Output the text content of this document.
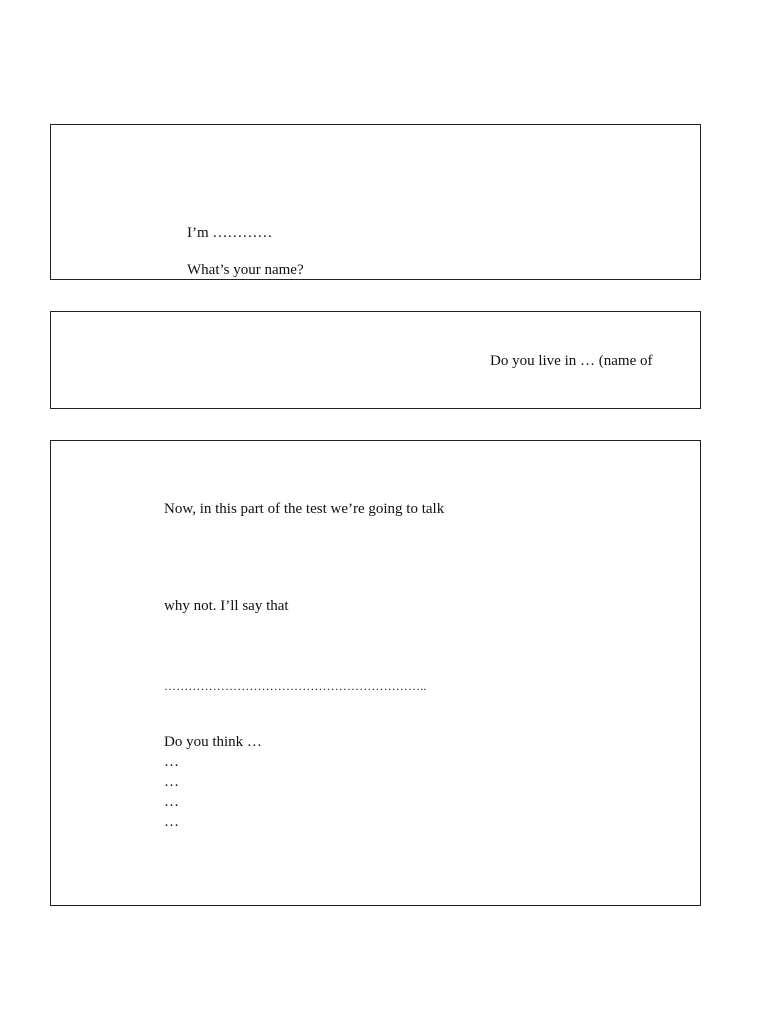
I’m …………
What’s your name?
Do you live in … (name of
Now, in this part of the test we’re going to talk
why not. I’ll say that
………………………………………………………..
Do you think …
…
…
…
…
